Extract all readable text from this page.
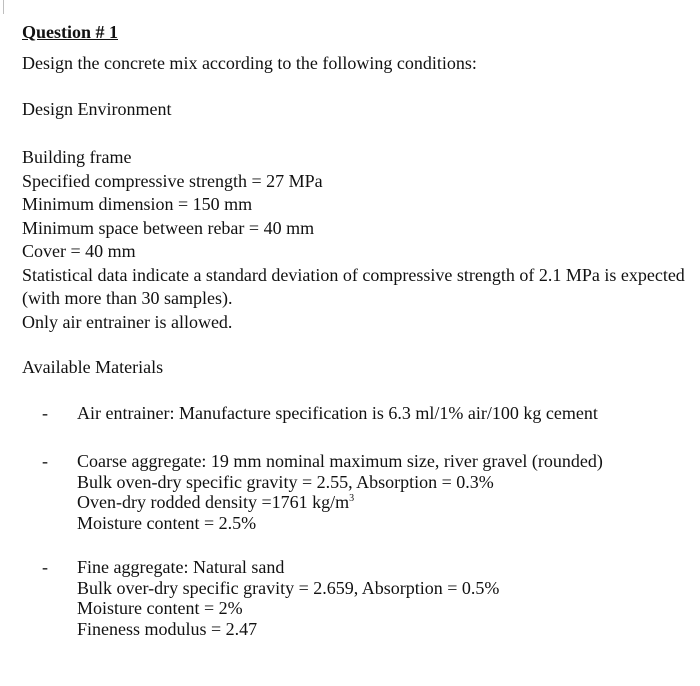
Question # 1

Design the concrete mix according to the following conditions:

Design Environment

Building frame

Specified compressive strength = 27 MPa

Minimum dimension = 150 mm

Minimum space between rebar = 40 mm

Cover = 40 mm

Statistical data indicate a standard deviation of compressive strength of 2.1 MPa is expected (with more than 30 samples).

Only air entrainer is allowed.

Available Materials

- Air entrainer: Manufacture specification is 6.3 ml/1% air/100 kg cement

- Coarse aggregate: 19 mm nominal maximum size, river gravel (rounded)

Bulk oven-dry specific gravity = 2.55, Absorption = 0.3%

Oven-dry rodded density =1761 $kg/m^3$

Moisture content = 2.5%

- Fine aggregate: Natural sand

Bulk over-dry specific gravity = 2.659, Absorption = 0.5%

Moisture content = 2%

Fineness modulus = 2.47
